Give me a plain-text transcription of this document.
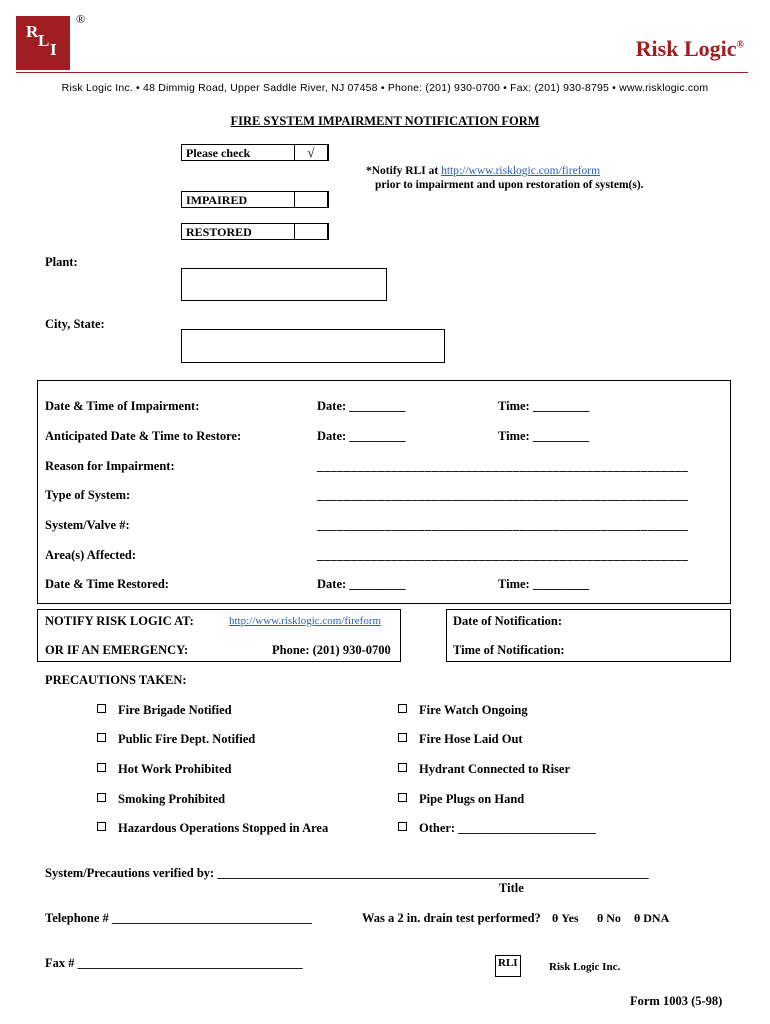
R L I
®
Risk Logic®
Risk Logic Inc. • 48 Dimmig Road, Upper Saddle River, NJ 07458 • Phone: (201) 930-0700 • Fax: (201) 930-8795 • www.risklogic.com
FIRE SYSTEM IMPAIRMENT NOTIFICATION FORM
Please check	√
IMPAIRED
RESTORED
*Notify RLI at http://www.risklogic.com/fireform
prior to impairment and upon restoration of system(s).
Plant:
City, State:
Date & Time of Impairment:	Date: _________	Time: _________
Anticipated Date & Time to Restore:	Date: _________	Time: _________
Reason for Impairment:	_______________________________________________________
Type of System:	_______________________________________________________
System/Valve #:	_______________________________________________________
Area(s) Affected:	_______________________________________________________
Date & Time Restored:	Date: _________	Time: _________
NOTIFY RISK LOGIC AT:	http://www.risklogic.com/fireform
OR IF AN EMERGENCY:	Phone: (201) 930-0700
Date of Notification:
Time of Notification:
PRECAUTIONS TAKEN:
Fire Brigade Notified
Public Fire Dept. Notified
Hot Work Prohibited
Smoking Prohibited
Hazardous Operations Stopped in Area
Fire Watch Ongoing
Fire Hose Laid Out
Hydrant Connected to Riser
Pipe Plugs on Hand
Other: ______________________
System/Precautions verified by: _____________________________________________________________________
Title
Telephone # ________________________________	Was a 2 in. drain test performed? θ Yes θ No θ DNA
Fax # ____________________________________	RLI	Risk Logic Inc.
Form 1003 (5-98)
